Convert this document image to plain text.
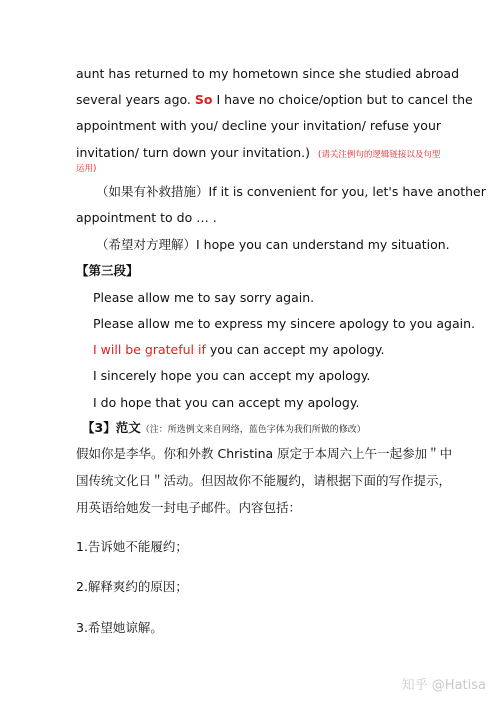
aunt has returned to my hometown since she studied abroad
several years ago. So I have no choice/option but to cancel the
appointment with you/ decline your invitation/ refuse your
invitation/ turn down your invitation.) (请关注例句的逻辑链接以及句型
运用)
（如果有补救措施）If it is convenient for you, let's have another
appointment to do … .
（希望对方理解）I hope you can understand my situation.
【第三段】
Please allow me to say sorry again.
Please allow me to express my sincere apology to you again.
I will be grateful if you can accept my apology.
I sincerely hope you can accept my apology.
I do hope that you can accept my apology.
【3】范文（注：所选例文来自网络，蓝色字体为我们所做的修改）
假如你是李华。你和外教 Christina 原定于本周六上午一起参加＂中
国传统文化日＂活动。但因故你不能履约，请根据下面的写作提示，
用英语给她发一封电子邮件。内容包括：
1.告诉她不能履约；
2.解释爽约的原因；
3.希望她谅解。
知乎 @Hatisa
